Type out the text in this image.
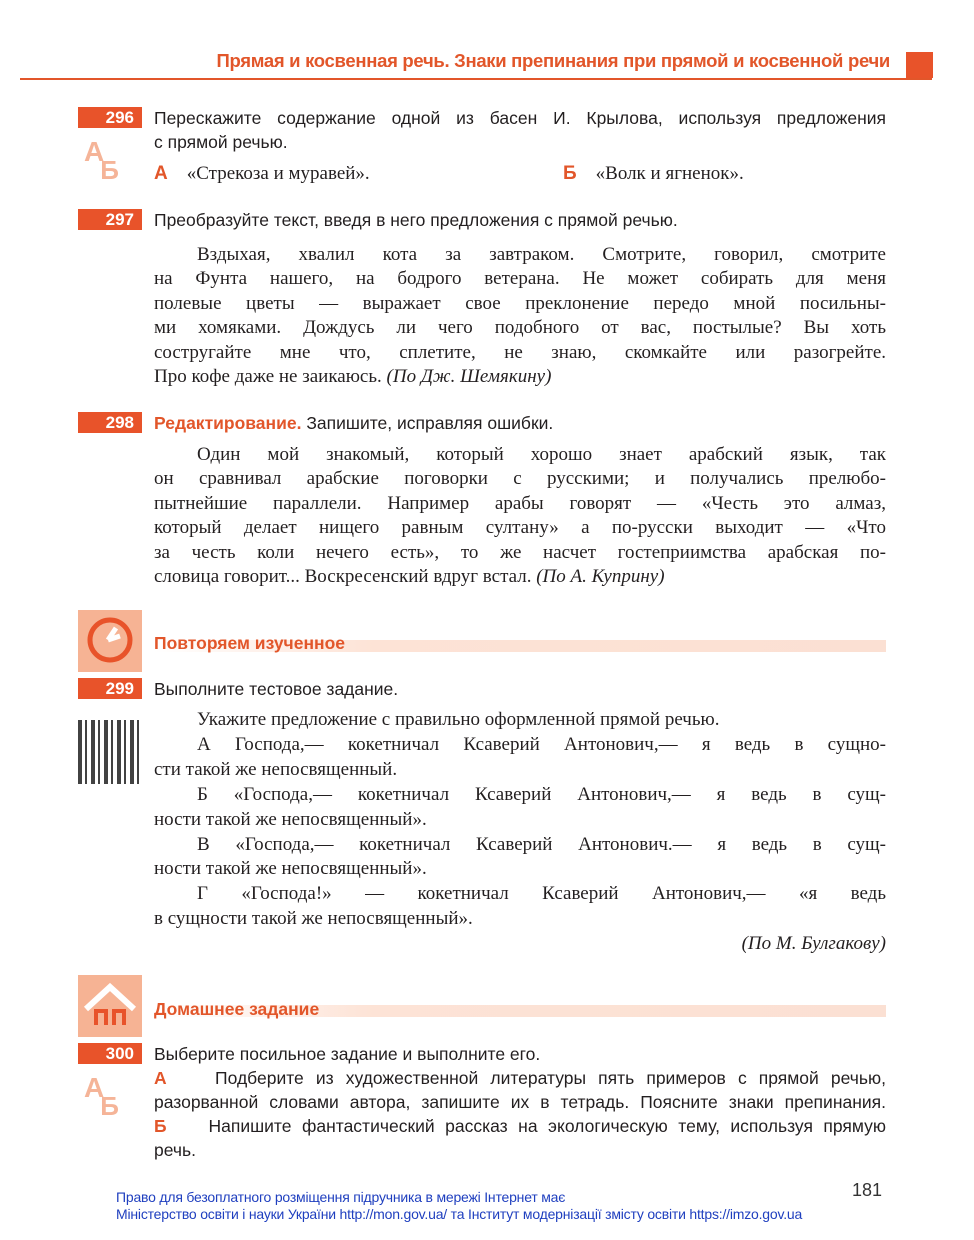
Прямая и косвенная речь. Знаки препинания при прямой и косвенной речи
296
АБ
Перескажите содержание одной из басен И. Крылова, используя предложения
с прямой речью.
А «Стрекоза и муравей».	Б «Волк и ягненок».
297	Преобразуйте текст, введя в него предложения с прямой речью.
Вздыхая, хвалил кота за завтраком. Смотрите, говорил, смотрите
на Фунта нашего, на бодрого ветерана. Не может собирать для меня
полевые цветы — выражает свое преклонение передо мной посильны-
ми хомяками. Дождусь ли чего подобного от вас, постылые? Вы хоть
состругайте мне что, сплетите, не знаю, скомкайте или разогрейте.
Про кофе даже не заикаюсь. (По Дж. Шемякину)
298	Редактирование. Запишите, исправляя ошибки.
Один мой знакомый, который хорошо знает арабский язык, так
он сравнивал арабские поговорки с русскими; и получались прелюбо-
пытнейшие параллели. Например арабы говорят — «Честь это алмаз,
который делает нищего равным султану» а по-русски выходит — «Что
за честь коли нечего есть», то же насчет гостеприимства арабская по-
словица говорит... Воскресенский вдруг встал. (По А. Куприну)
Повторяем изученное
299	Выполните тестовое задание.
Укажите предложение с правильно оформленной прямой речью.
А Господа,— кокетничал Ксаверий Антонович,— я ведь в сущно-
сти такой же непосвященный.
Б «Господа,— кокетничал Ксаверий Антонович,— я ведь в сущ-
ности такой же непосвященный».
В «Господа,— кокетничал Ксаверий Антонович.— я ведь в сущ-
ности такой же непосвященный».
Г «Господа!» — кокетничал Ксаверий Антонович,— «я ведь
в сущности такой же непосвященный».
(По М. Булгакову)
Домашнее задание
300
АБ
Выберите посильное задание и выполните его.
А	Подберите из художественной литературы пять примеров с прямой речью,
разорванной словами автора, запишите их в тетрадь. Поясните знаки препинания.
Б Напишите фантастический рассказ на экологическую тему, используя прямую
речь.
181
Право для безоплатного розміщення підручника в мережі Інтернет має
Міністерство освіти і науки України http://mon.gov.ua/ та Інститут модернізації змісту освіти https://imzo.gov.ua
